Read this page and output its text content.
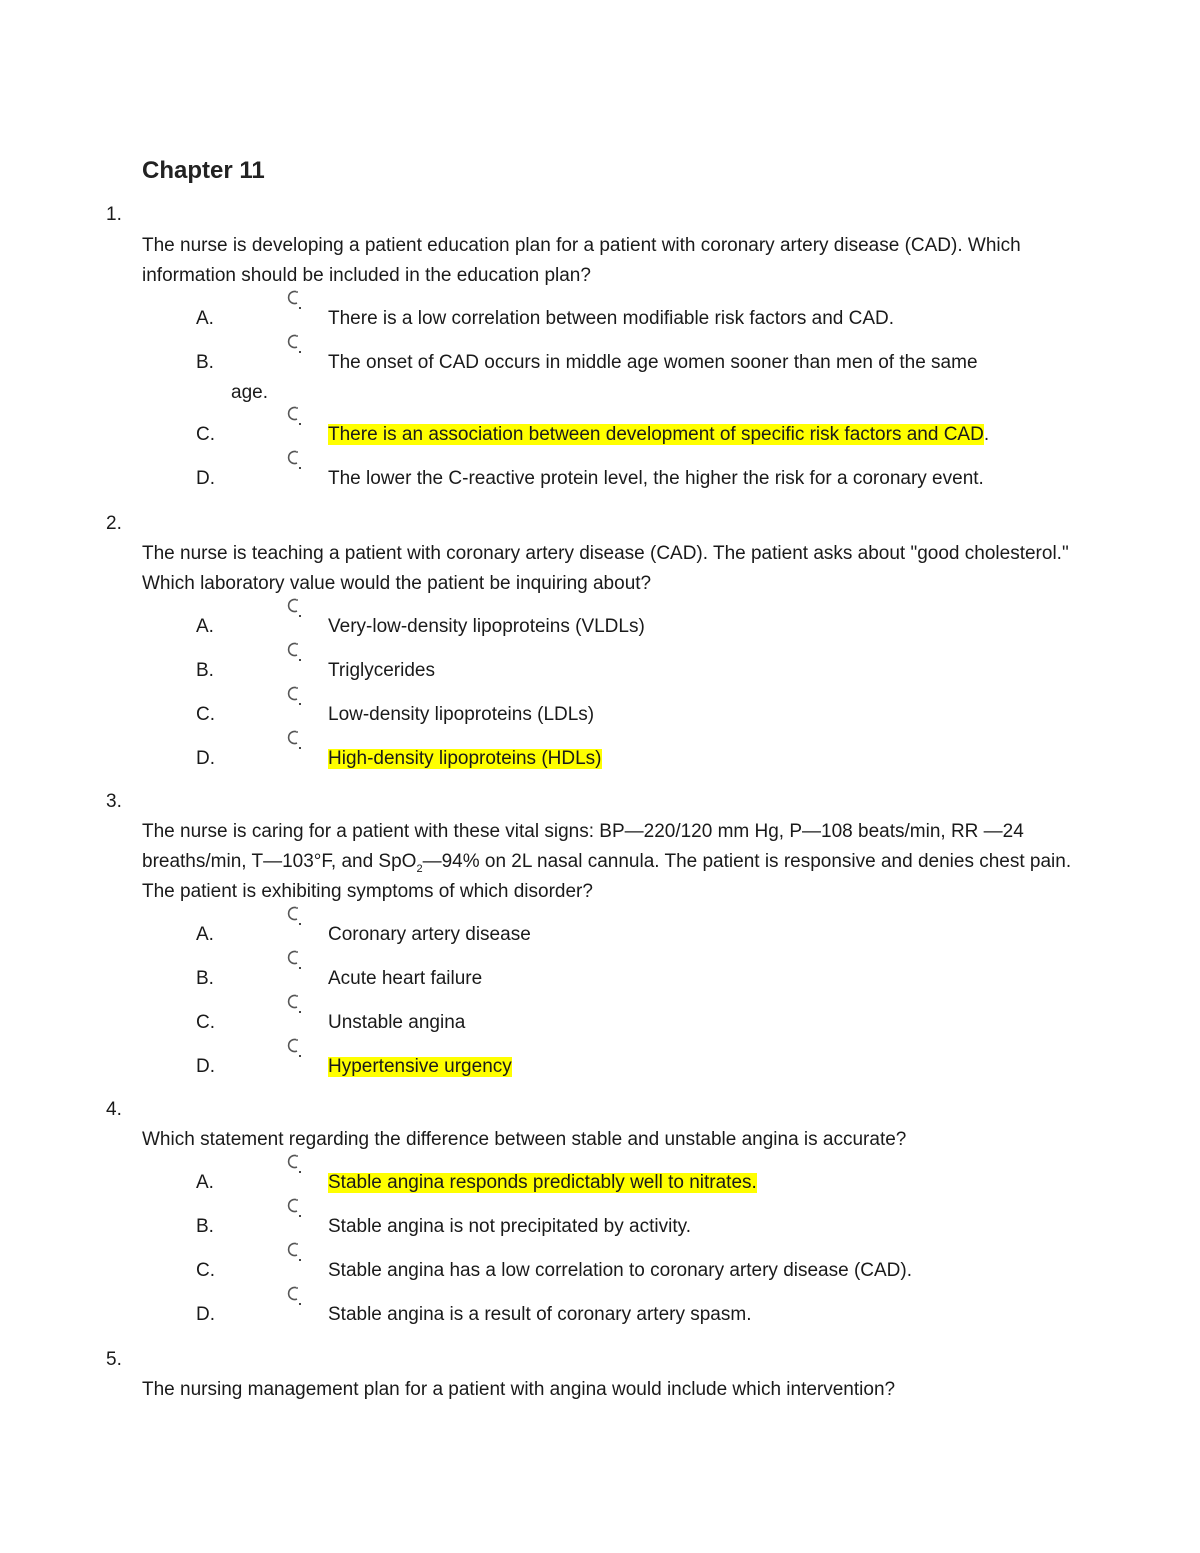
Chapter 11
1.

The nurse is developing a patient education plan for a patient with coronary artery disease (CAD). Which information should be included in the education plan?

A.	There is a low correlation between modifiable risk factors and CAD.
B.	The onset of CAD occurs in middle age women sooner than men of the same
age.
C.	There is an association between development of specific risk factors and CAD.
D.	The lower the C-reactive protein level, the higher the risk for a coronary event.
2.

The nurse is teaching a patient with coronary artery disease (CAD). The patient asks about "good cholesterol." Which laboratory value would the patient be inquiring about?

A.	Very-low-density lipoproteins (VLDLs)
B.	Triglycerides
C.	Low-density lipoproteins (LDLs)
D.	High-density lipoproteins (HDLs)
3.

The nurse is caring for a patient with these vital signs: BP—220/120 mm Hg, P—108 beats/min, RR —24 breaths/min, T—103°F, and SpO$_2$—94% on 2L nasal cannula. The patient is responsive and denies chest pain. The patient is exhibiting symptoms of which disorder?

A.	Coronary artery disease
B.	Acute heart failure
C.	Unstable angina
D.	Hypertensive urgency
4.

Which statement regarding the difference between stable and unstable angina is accurate?

A.	Stable angina responds predictably well to nitrates.
B.	Stable angina is not precipitated by activity.
C.	Stable angina has a low correlation to coronary artery disease (CAD).
D.	Stable angina is a result of coronary artery spasm.
5.

The nursing management plan for a patient with angina would include which intervention?
